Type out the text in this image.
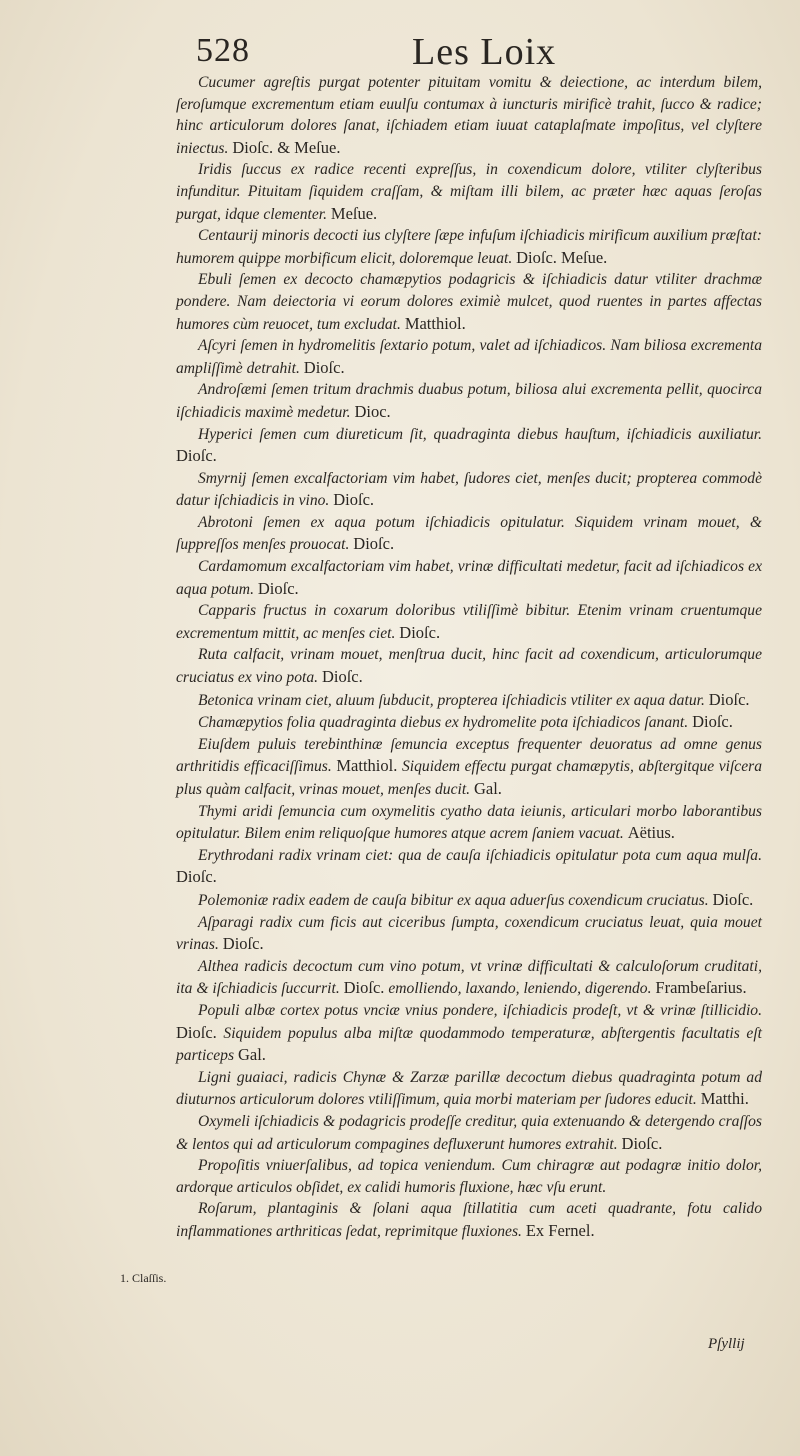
528	Les Loix

Cucumer agreſtis purgat potenter pituitam vomitu & deiectione, ac interdum bilem, ſeroſumque excrementum etiam euulſu contumax à iuncturis mirificè trahit, ſucco & radice; hinc articulorum dolores ſanat, iſchiadem etiam iuuat cataplaſmate impoſitus, vel clyſtere iniectus. Dioſc. & Meſue.

Iridis ſuccus ex radice recenti expreſſus, in coxendicum dolore, vtiliter clyſteribus infunditur. Pituitam ſiquidem craſſam, & miſtam illi bilem, ac præter hæc aquas ſeroſas purgat, idque clementer. Meſue.

Centaurij minoris decocti ius clyſtere ſæpe infuſum iſchiadicis mirificum auxilium præſtat: humorem quippe morbificum elicit, doloremque leuat. Dioſc. Meſue.

Ebuli ſemen ex decocto chamæpytios podagricis & iſchiadicis datur vtiliter drachmæ pondere. Nam deiectoria vi eorum dolores eximiè mulcet, quod ruentes in partes affectas humores cùm reuocet, tum excludat. Matthiol.

Aſcyri ſemen in hydromelitis ſextario potum, valet ad iſchiadicos. Nam biliosa excrementa ampliſſimè detrahit. Dioſc.

Androſæmi ſemen tritum drachmis duabus potum, biliosa alui excrementa pellit, quocirca iſchiadicis maximè medetur. Dioc.

Hyperici ſemen cum diureticum ſit, quadraginta diebus hauſtum, iſchiadicis auxiliatur. Dioſc.

Smyrnij ſemen excalfactoriam vim habet, ſudores ciet, menſes ducit; propterea commodè datur iſchiadicis in vino. Dioſc.

Abrotoni ſemen ex aqua potum iſchiadicis opitulatur. Siquidem vrinam mouet, & ſuppreſſos menſes prouocat. Dioſc.

Cardamomum excalfactoriam vim habet, vrinæ difficultati medetur, facit ad iſchiadicos ex aqua potum. Dioſc.

Capparis fructus in coxarum doloribus vtiliſſimè bibitur. Etenim vrinam cruentumque excrementum mittit, ac menſes ciet. Dioſc.

Ruta calfacit, vrinam mouet, menſtrua ducit, hinc facit ad coxendicum, articulorumque cruciatus ex vino pota. Dioſc.

Betonica vrinam ciet, aluum ſubducit, propterea iſchiadicis vtiliter ex aqua datur. Dioſc.

Chamæpytios folia quadraginta diebus ex hydromelite pota iſchiadicos ſanant. Dioſc.

Eiuſdem puluis terebinthinæ ſemuncia exceptus frequenter deuoratus ad omne genus arthritidis efficaciſſimus. Matthiol. Siquidem effectu purgat chamæpytis, abſtergitque viſcera plus quàm calfacit, vrinas mouet, menſes ducit. Gal.

Thymi aridi ſemuncia cum oxymelitis cyatho data ieiunis, articulari morbo laborantibus opitulatur. Bilem enim reliquoſque humores atque acrem ſaniem vacuat. Aëtius.

Erythrodani radix vrinam ciet: qua de cauſa iſchiadicis opitulatur pota cum aqua mulſa. Dioſc.

Polemoniæ radix eadem de cauſa bibitur ex aqua aduerſus coxendicum cruciatus. Dioſc.

Aſparagi radix cum ficis aut ciceribus ſumpta, coxendicum cruciatus leuat, quia mouet vrinas. Dioſc.

Althea radicis decoctum cum vino potum, vt vrinæ difficultati & calculoſorum cruditati, ita & iſchiadicis ſuccurrit. Dioſc. emolliendo, laxando, leniendo, digerendo. Frambeſarius.

Populi albæ cortex potus vnciæ vnius pondere, iſchiadicis prodeſt, vt & vrinæ ſtillicidio. Dioſc. Siquidem populus alba miſtæ quodammodo temperaturæ, abſtergentis facultatis eſt particeps Gal.

Ligni guaiaci, radicis Chynæ & Zarzæ parillæ decoctum diebus quadraginta potum ad diuturnos articulorum dolores vtiliſſimum, quia morbi materiam per ſudores educit. Matthi.

Oxymeli iſchiadicis & podagricis prodeſſe creditur, quia extenuando & detergendo craſſos & lentos qui ad articulorum compagines defluxerunt humores extrahit. Dioſc.

Propoſitis vniuerſalibus, ad topica veniendum. Cum chiragræ aut podagræ initio dolor, ardorque articulos obſidet, ex calidi humoris fluxione, hæc vſu erunt.

Roſarum, plantaginis & ſolani aqua ſtillatitia cum aceti quadrante, fotu calido inflammationes arthriticas ſedat, reprimitque fluxiones. Ex Fernel.

1. Claſſis.
Pſyllij
